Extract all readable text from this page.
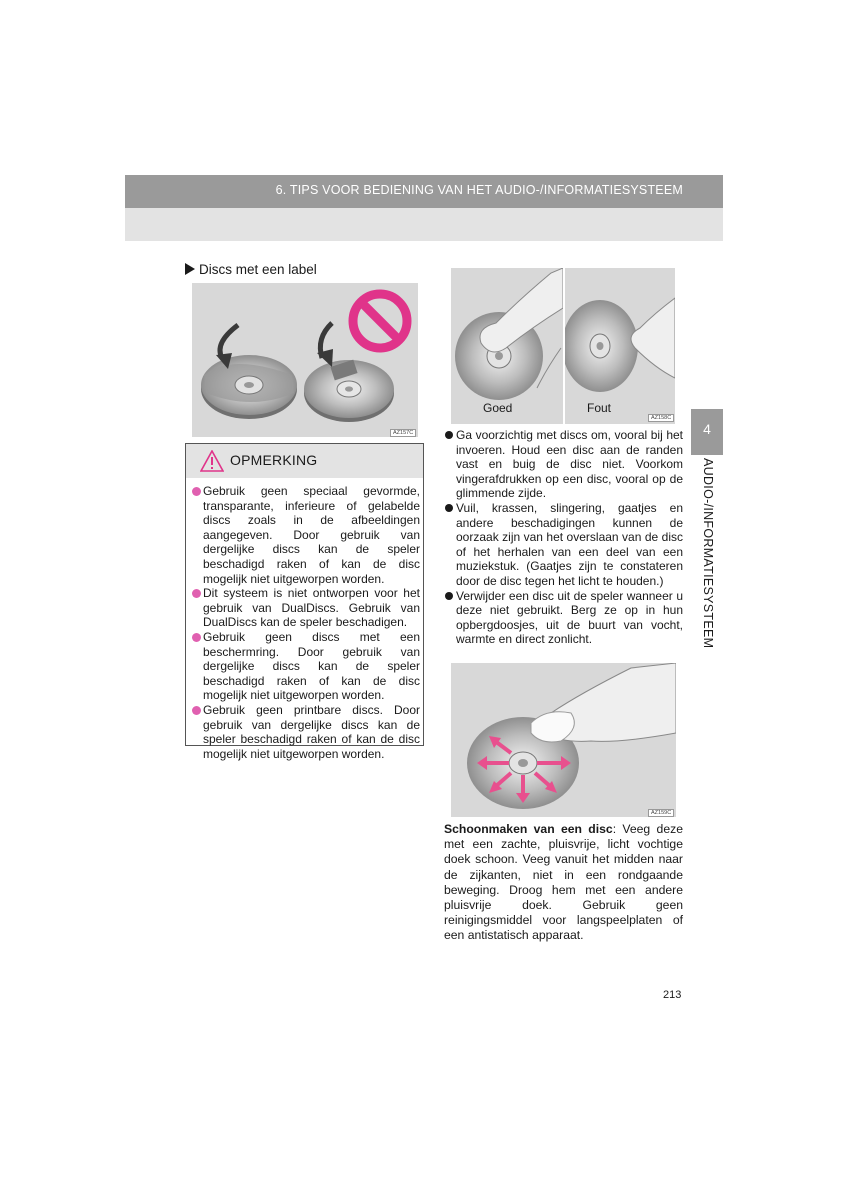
6. TIPS VOOR BEDIENING VAN HET AUDIO-/INFORMATIESYSTEEM
4
AUDIO-/INFORMATIESYSTEEM
Discs met een label
AZ157C
OPMERKING
Gebruik geen speciaal gevormde, transparante, inferieure of gelabelde discs zoals in de afbeeldingen aangegeven. Door gebruik van dergelijke discs kan de speler beschadigd raken of kan de disc mogelijk niet uitgeworpen worden.
Dit systeem is niet ontworpen voor het gebruik van DualDiscs. Gebruik van DualDiscs kan de speler beschadigen.
Gebruik geen discs met een beschermring. Door gebruik van dergelijke discs kan de speler beschadigd raken of kan de disc mogelijk niet uitgeworpen worden.
Gebruik geen printbare discs. Door gebruik van dergelijke discs kan de speler beschadigd raken of kan de disc mogelijk niet uitgeworpen worden.
Goed	Fout
AZ158C
Ga voorzichtig met discs om, vooral bij het invoeren. Houd een disc aan de randen vast en buig de disc niet. Voorkom vingerafdrukken op een disc, vooral op de glimmende zijde.
Vuil, krassen, slingering, gaatjes en andere beschadigingen kunnen de oorzaak zijn van het overslaan van de disc of het herhalen van een deel van een muziekstuk. (Gaatjes zijn te constateren door de disc tegen het licht te houden.)
Verwijder een disc uit de speler wanneer u deze niet gebruikt. Berg ze op in hun opbergdoosjes, uit de buurt van vocht, warmte en direct zonlicht.
AZ159C
Schoonmaken van een disc: Veeg deze met een zachte, pluisvrije, licht vochtige doek schoon. Veeg vanuit het midden naar de zijkanten, niet in een rondgaande beweging. Droog hem met een andere pluisvrije doek. Gebruik geen reinigingsmiddel voor langspeelplaten of een antistatisch apparaat.
213
